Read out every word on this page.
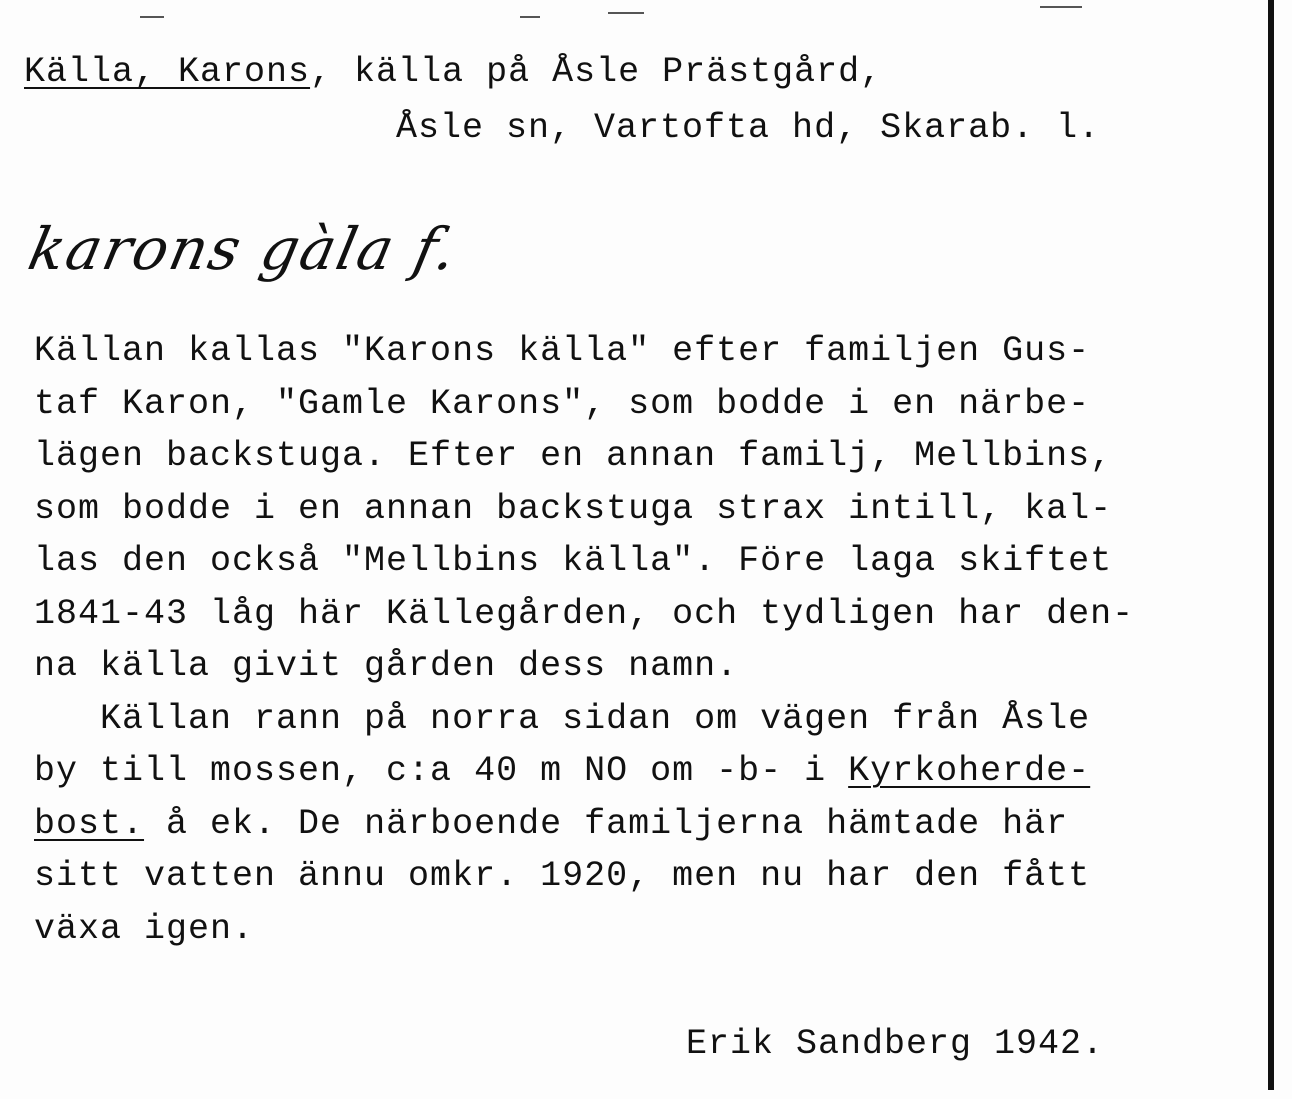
Källa, Karons, källa på Åsle Prästgård,
Åsle sn, Vartofta hd, Skarab. l.
karons gàla f.
Källan kallas "Karons källa" efter familjen Gus-
taf Karon, "Gamle Karons", som bodde i en närbe-
lägen backstuga. Efter en annan familj, Mellbins,
som bodde i en annan backstuga strax intill, kal-
las den också "Mellbins källa". Före laga skiftet
1841-43 låg här Källegården, och tydligen har den-
na källa givit gården dess namn.
Källan rann på norra sidan om vägen från Åsle
by till mossen, c:a 40 m NO om -b- i Kyrkoherde-
bost. å ek. De närboende familjerna hämtade här
sitt vatten ännu omkr. 1920, men nu har den fått
växa igen.
Erik Sandberg 1942.
